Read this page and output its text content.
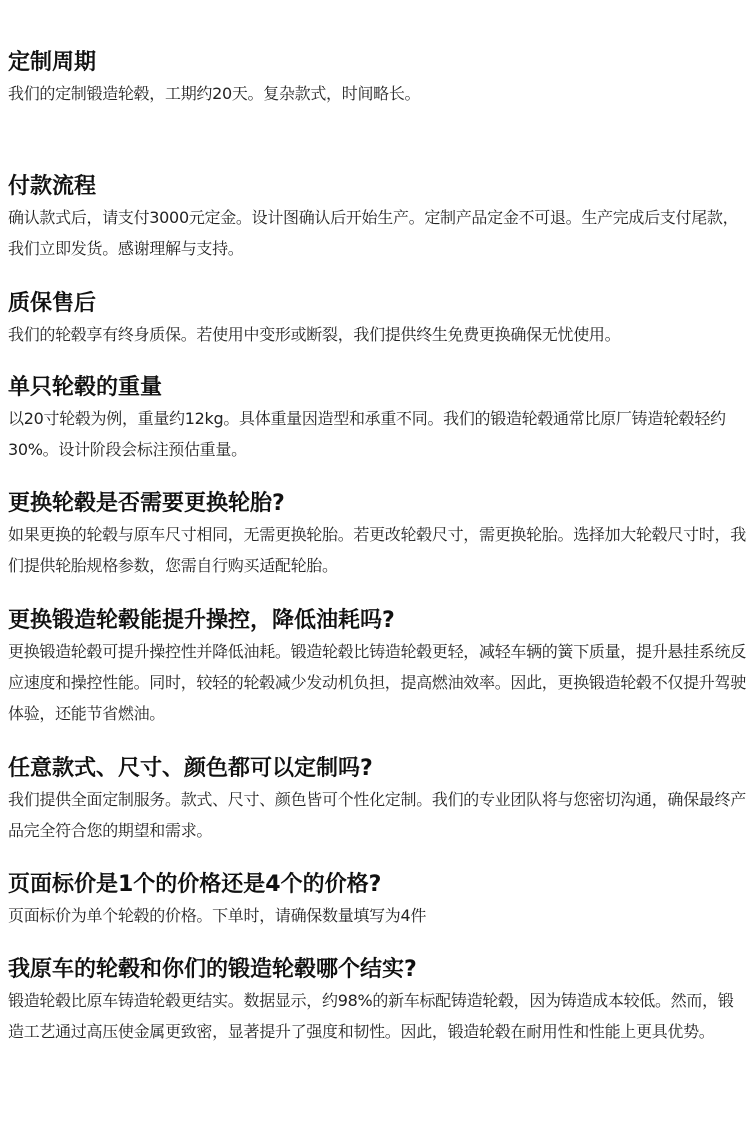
定制周期

我们的定制锻造轮毂，工期约20天。复杂款式，时间略长。

付款流程

确认款式后，请支付3000元定金。设计图确认后开始生产。定制产品定金不可退。生产完成后支付尾款，我们立即发货。感谢理解与支持。

质保售后

我们的轮毂享有终身质保。若使用中变形或断裂，我们提供终生免费更换确保无忧使用。

单只轮毂的重量

以20寸轮毂为例，重量约12kg。具体重量因造型和承重不同。我们的锻造轮毂通常比原厂铸造轮毂轻约30%。设计阶段会标注预估重量。

更换轮毂是否需要更换轮胎?

如果更换的轮毂与原车尺寸相同，无需更换轮胎。若更改轮毂尺寸，需更换轮胎。选择加大轮毂尺寸时，我们提供轮胎规格参数，您需自行购买适配轮胎。

更换锻造轮毂能提升操控，降低油耗吗?

更换锻造轮毂可提升操控性并降低油耗。锻造轮毂比铸造轮毂更轻，减轻车辆的簧下质量，提升悬挂系统反应速度和操控性能。同时，较轻的轮毂减少发动机负担，提高燃油效率。因此，更换锻造轮毂不仅提升驾驶体验，还能节省燃油。

任意款式、尺寸、颜色都可以定制吗?

我们提供全面定制服务。款式、尺寸、颜色皆可个性化定制。我们的专业团队将与您密切沟通，确保最终产品完全符合您的期望和需求。

页面标价是1个的价格还是4个的价格?

页面标价为单个轮毂的价格。下单时，请确保数量填写为4件

我原车的轮毂和你们的锻造轮毂哪个结实?

锻造轮毂比原车铸造轮毂更结实。数据显示，约98%的新车标配铸造轮毂，因为铸造成本较低。然而，锻造工艺通过高压使金属更致密，显著提升了强度和韧性。因此，锻造轮毂在耐用性和性能上更具优势。
